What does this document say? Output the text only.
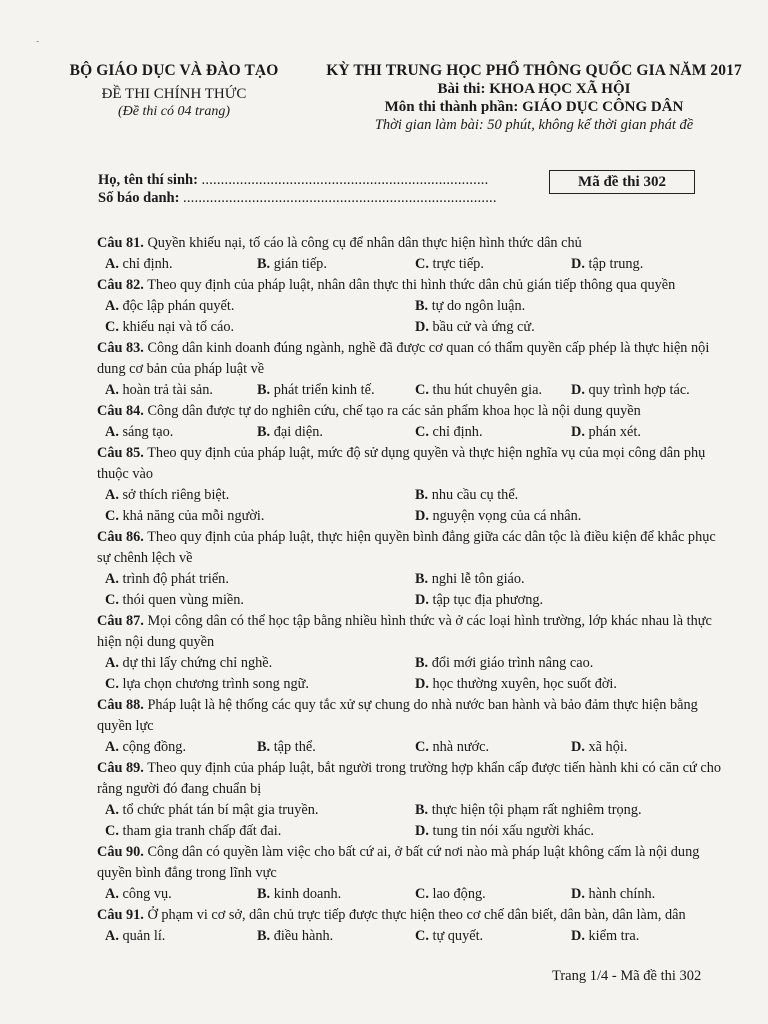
-
BỘ GIÁO DỤC VÀ ĐÀO TẠO
ĐỀ THI CHÍNH THỨC
(Đề thi có 04 trang)
KỲ THI TRUNG HỌC PHỔ THÔNG QUỐC GIA NĂM 2017
Bài thi: KHOA HỌC XÃ HỘI
Môn thi thành phần: GIÁO DỤC CÔNG DÂN
Thời gian làm bài: 50 phút, không kể thời gian phát đề
Họ, tên thí sinh: ...........................................................................
Số báo danh: ..................................................................................
Mã đề thi 302
Câu 81. Quyền khiếu nại, tố cáo là công cụ để nhân dân thực hiện hình thức dân chủ
A. chỉ định.	B. gián tiếp.	C. trực tiếp.	D. tập trung.
Câu 82. Theo quy định của pháp luật, nhân dân thực thi hình thức dân chủ gián tiếp thông qua quyền
A. độc lập phán quyết.	B. tự do ngôn luận.
C. khiếu nại và tố cáo.	D. bầu cử và ứng cử.
Câu 83. Công dân kinh doanh đúng ngành, nghề đã được cơ quan có thẩm quyền cấp phép là thực hiện nội dung cơ bản của pháp luật về
A. hoàn trả tài sản.	B. phát triển kinh tế.	C. thu hút chuyên gia. D. quy trình hợp tác.
Câu 84. Công dân được tự do nghiên cứu, chế tạo ra các sản phẩm khoa học là nội dung quyền
A. sáng tạo.	B. đại diện.	C. chỉ định.	D. phán xét.
Câu 85. Theo quy định của pháp luật, mức độ sử dụng quyền và thực hiện nghĩa vụ của mọi công dân phụ thuộc vào
A. sở thích riêng biệt.	B. nhu cầu cụ thể.
C. khả năng của mỗi người.	D. nguyện vọng của cá nhân.
Câu 86. Theo quy định của pháp luật, thực hiện quyền bình đẳng giữa các dân tộc là điều kiện để khắc phục sự chênh lệch về
A. trình độ phát triển.	B. nghi lễ tôn giáo.
C. thói quen vùng miền.	D. tập tục địa phương.
Câu 87. Mọi công dân có thể học tập bằng nhiều hình thức và ở các loại hình trường, lớp khác nhau là thực hiện nội dung quyền
A. dự thi lấy chứng chỉ nghề.	B. đổi mới giáo trình nâng cao.
C. lựa chọn chương trình song ngữ.	D. học thường xuyên, học suốt đời.
Câu 88. Pháp luật là hệ thống các quy tắc xử sự chung do nhà nước ban hành và bảo đảm thực hiện bằng quyền lực
A. cộng đồng.	B. tập thể.	C. nhà nước.	D. xã hội.
Câu 89. Theo quy định của pháp luật, bắt người trong trường hợp khẩn cấp được tiến hành khi có căn cứ cho rằng người đó đang chuẩn bị
A. tổ chức phát tán bí mật gia truyền.	B. thực hiện tội phạm rất nghiêm trọng.
C. tham gia tranh chấp đất đai.	D. tung tin nói xấu người khác.
Câu 90. Công dân có quyền làm việc cho bất cứ ai, ở bất cứ nơi nào mà pháp luật không cấm là nội dung quyền bình đẳng trong lĩnh vực
A. công vụ.	B. kinh doanh.	C. lao động.	D. hành chính.
Câu 91. Ở phạm vi cơ sở, dân chủ trực tiếp được thực hiện theo cơ chế dân biết, dân bàn, dân làm, dân
A. quản lí.	B. điều hành.	C. tự quyết.	D. kiểm tra.
Trang 1/4 - Mã đề thi 302
